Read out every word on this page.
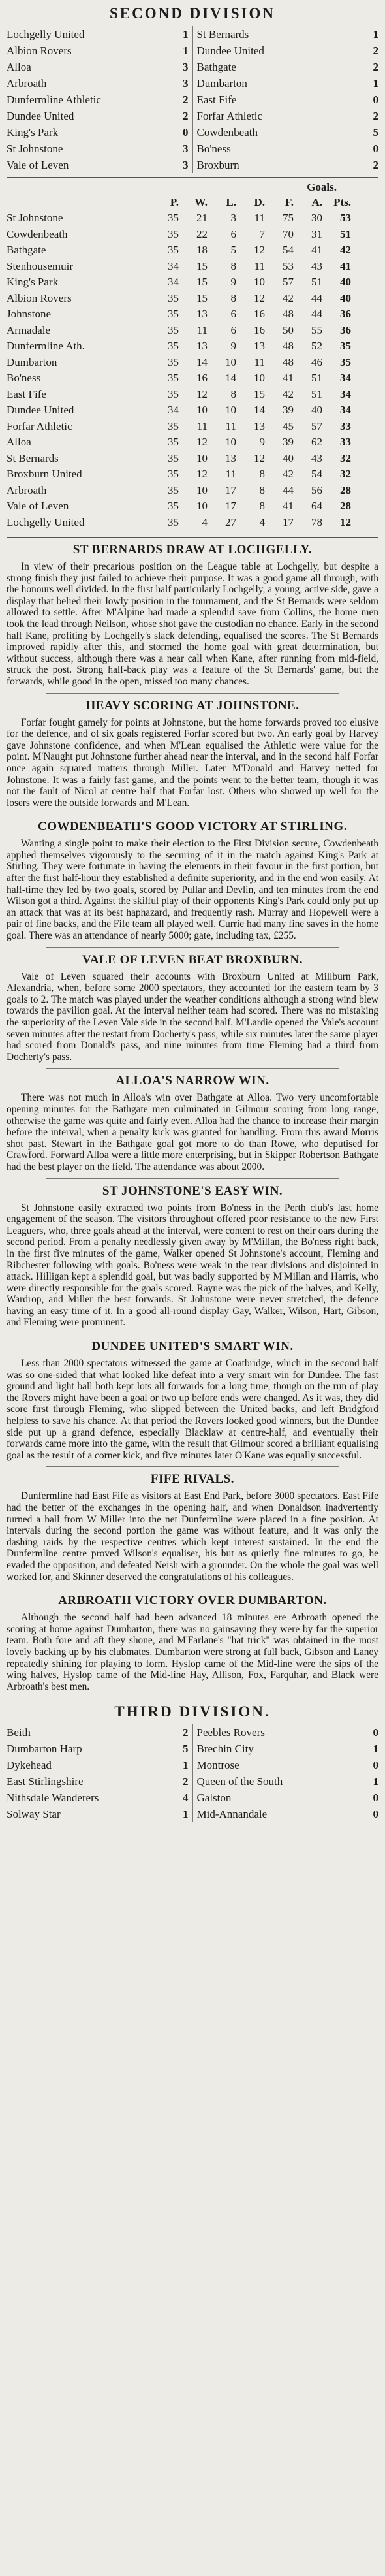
SECOND DIVISION
Lochgelly United	1 St Bernards	1
Albion Rovers	1 Dundee United	2
Alloa	3 Bathgate	2
Arbroath	3 Dumbarton	1
Dunfermline Athletic	2 East Fife	0
Dundee United	2 Forfar Athletic	2
King's Park	0 Cowdenbeath	5
St Johnstone	3 Bo'ness	0
Vale of Leven	3 Broxburn	2
Goals.
P.	W.	L.	D.	F.	A.	Pts.
St Johnstone	35	21	3	11	75	30	53
Cowdenbeath	35	22	6	7	70	31	51
Bathgate	35	18	5	12	54	41	42
Stenhousemuir	34	15	8	11	53	43	41
King's Park	34	15	9	10	57	51	40
Albion Rovers	35	15	8	12	42	44	40
Johnstone	35	13	6	16	48	44	36
Armadale	35	11	6	16	50	55	36
Dunfermline Ath.	35	13	9	13	48	52	35
Dumbarton	35	14	10	11	48	46	35
Bo'ness	35	16	14	10	41	51	34
East Fife	35	12	8	15	42	51	34
Dundee United	34	10	10	14	39	40	34
Forfar Athletic	35	11	11	13	45	57	33
Alloa	35	12	10	9	39	62	33
St Bernards	35	10	13	12	40	43	32
Broxburn United	35	12	11	8	42	54	32
Arbroath	35	10	17	8	44	56	28
Vale of Leven	35	10	17	8	41	64	28
Lochgelly United	35	4	27	4	17	78	12
ST BERNARDS DRAW AT LOCHGELLY.

In view of their precarious position on the League table at Lochgelly, but despite a strong finish they just failed to achieve their purpose. It was a good game all through, with the honours well divided. In the first half particularly Lochgelly, a young, active side, gave a display that belied their lowly position in the tournament, and the St Bernards were seldom allowed to settle. After M'Alpine had made a splendid save from Collins, the home men took the lead through Neilson, whose shot gave the custodian no chance. Early in the second half Kane, profiting by Lochgelly's slack defending, equalised the scores. The St Bernards improved rapidly after this, and stormed the home goal with great determination, but without success, although there was a near call when Kane, after running from mid-field, struck the post. Strong half-back play was a feature of the St Bernards' game, but the forwards, while good in the open, missed too many chances.

HEAVY SCORING AT JOHNSTONE.

Forfar fought gamely for points at Johnstone, but the home forwards proved too elusive for the defence, and of six goals registered Forfar scored but two. An early goal by Harvey gave Johnstone confidence, and when M'Lean equalised the Athletic were value for the point. M'Naught put Johnstone further ahead near the interval, and in the second half Forfar once again squared matters through Miller. Later M'Donald and Harvey netted for Johnstone. It was a fairly fast game, and the points went to the better team, though it was not the fault of Nicol at centre half that Forfar lost. Others who showed up well for the losers were the outside forwards and M'Lean.

COWDENBEATH'S GOOD VICTORY AT STIRLING.

Wanting a single point to make their election to the First Division secure, Cowdenbeath applied themselves vigorously to the securing of it in the match against King's Park at Stirling. They were fortunate in having the elements in their favour in the first portion, but after the first half-hour they established a definite superiority, and in the end won easily. At half-time they led by two goals, scored by Pullar and Devlin, and ten minutes from the end Wilson got a third. Against the skilful play of their opponents King's Park could only put up an attack that was at its best haphazard, and frequently rash. Murray and Hopewell were a pair of fine backs, and the Fife team all played well. Currie had many fine saves in the home goal. There was an attendance of nearly 5000; gate, including tax, £255.

VALE OF LEVEN BEAT BROXBURN.

Vale of Leven squared their accounts with Broxburn United at Millburn Park, Alexandria, when, before some 2000 spectators, they accounted for the eastern team by 3 goals to 2. The match was played under the weather conditions although a strong wind blew towards the pavilion goal. At the interval neither team had scored. There was no mistaking the superiority of the Leven Vale side in the second half. M'Lardie opened the Vale's account seven minutes after the restart from Docherty's pass, while six minutes later the same player had scored from Donald's pass, and nine minutes from time Fleming had a third from Docherty's pass.

ALLOA'S NARROW WIN.

There was not much in Alloa's win over Bathgate at Alloa. Two very uncomfortable opening minutes for the Bathgate men culminated in Gilmour scoring from long range, otherwise the game was quite and fairly even. Alloa had the chance to increase their margin before the interval, when a penalty kick was granted for handling. From this award Morris shot past. Stewart in the Bathgate goal got more to do than Rowe, who deputised for Crawford. Forward Alloa were a little more enterprising, but in Skipper Robertson Bathgate had the best player on the field. The attendance was about 2000.

ST JOHNSTONE'S EASY WIN.

St Johnstone easily extracted two points from Bo'ness in the Perth club's last home engagement of the season. The visitors throughout offered poor resistance to the new First Leaguers, who, three goals ahead at the interval, were content to rest on their oars during the second period. From a penalty needlessly given away by M'Millan, the Bo'ness right back, in the first five minutes of the game, Walker opened St Johnstone's account, Fleming and Ribchester following with goals. Bo'ness were weak in the rear divisions and disjointed in attack. Hilligan kept a splendid goal, but was badly supported by M'Millan and Harris, who were directly responsible for the goals scored. Rayne was the pick of the halves, and Kelly, Wardrop, and Miller the best forwards. St Johnstone were never stretched, the defence having an easy time of it. In a good all-round display Gay, Walker, Wilson, Hart, Gibson, and Fleming were prominent.

DUNDEE UNITED'S SMART WIN.

Less than 2000 spectators witnessed the game at Coatbridge, which in the second half was so one-sided that what looked like defeat into a very smart win for Dundee. The fast ground and light ball both kept lots all forwards for a long time, though on the run of play the Rovers might have been a goal or two up before ends were changed. As it was, they did score first through Fleming, who slipped between the United backs, and left Bridgford helpless to save his chance. At that period the Rovers looked good winners, but the Dundee side put up a grand defence, especially Blacklaw at centre-half, and eventually their forwards came more into the game, with the result that Gilmour scored a brilliant equalising goal as the result of a corner kick, and five minutes later O'Kane was equally successful.

FIFE RIVALS.

Dunfermline had East Fife as visitors at East End Park, before 3000 spectators. East Fife had the better of the exchanges in the opening half, and when Donaldson inadvertently turned a ball from W Miller into the net Dunfermline were placed in a fine position. At intervals during the second portion the game was without feature, and it was only the dashing raids by the respective centres which kept interest sustained. In the end the Dunfermline centre proved Wilson's equaliser, his but as quietly fine minutes to go, he evaded the opposition, and defeated Neish with a grounder. On the whole the goal was well worked for, and Skinner deserved the congratulations of his colleagues.

ARBROATH VICTORY OVER DUMBARTON.

Although the second half had been advanced 18 minutes ere Arbroath opened the scoring at home against Dumbarton, there was no gainsaying they were by far the superior team. Both fore and aft they shone, and M'Farlane's "hat trick" was obtained in the most lovely backing up by his clubmates. Dumbarton were strong at full back, Gibson and Laney repeatedly shining for playing to form. Hyslop came of the Mid-line were the sips of the wing halves, Hyslop came of the Mid-line Hay, Allison, Fox, Farquhar, and Black were Arbroath's best men.

THIRD DIVISION.
Beith	2 Peebles Rovers	0
Dumbarton Harp	5 Brechin City	1
Dykehead	1 Montrose	0
East Stirlingshire	2 Queen of the South	1
Nithsdale Wanderers	4 Galston	0
Solway Star	1 Mid-Annandale	0
